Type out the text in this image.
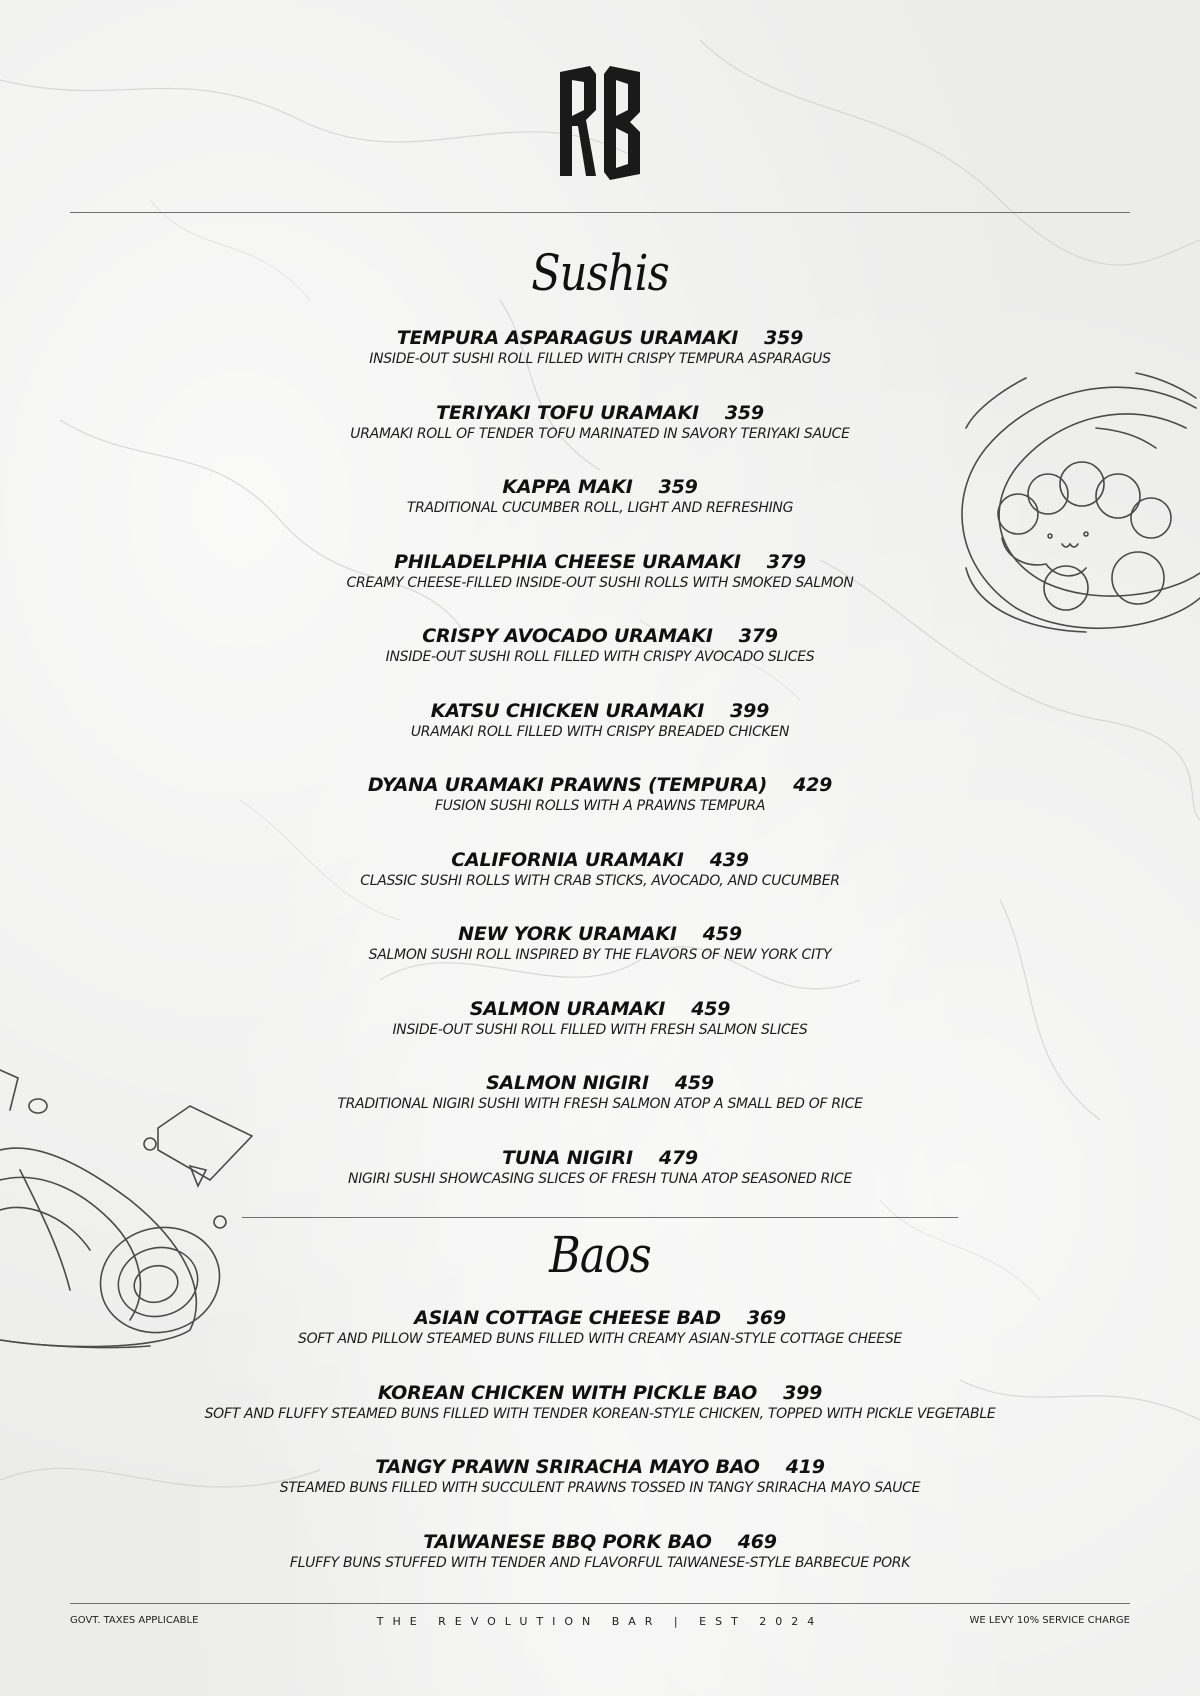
Sushis
TEMPURA ASPARAGUS URAMAKI 359
INSIDE-OUT SUSHI ROLL FILLED WITH CRISPY TEMPURA ASPARAGUS
TERIYAKI TOFU URAMAKI 359
URAMAKI ROLL OF TENDER TOFU MARINATED IN SAVORY TERIYAKI SAUCE
KAPPA MAKI 359
TRADITIONAL CUCUMBER ROLL, LIGHT AND REFRESHING
PHILADELPHIA CHEESE URAMAKI 379
CREAMY CHEESE-FILLED INSIDE-OUT SUSHI ROLLS WITH SMOKED SALMON
CRISPY AVOCADO URAMAKI 379
INSIDE-OUT SUSHI ROLL FILLED WITH CRISPY AVOCADO SLICES
KATSU CHICKEN URAMAKI 399
URAMAKI ROLL FILLED WITH CRISPY BREADED CHICKEN
DYANA URAMAKI PRAWNS (TEMPURA) 429
FUSION SUSHI ROLLS WITH A PRAWNS TEMPURA
CALIFORNIA URAMAKI 439
CLASSIC SUSHI ROLLS WITH CRAB STICKS, AVOCADO, AND CUCUMBER
NEW YORK URAMAKI 459
SALMON SUSHI ROLL INSPIRED BY THE FLAVORS OF NEW YORK CITY
SALMON URAMAKI 459
INSIDE-OUT SUSHI ROLL FILLED WITH FRESH SALMON SLICES
SALMON NIGIRI 459
TRADITIONAL NIGIRI SUSHI WITH FRESH SALMON ATOP A SMALL BED OF RICE
TUNA NIGIRI 479
NIGIRI SUSHI SHOWCASING SLICES OF FRESH TUNA ATOP SEASONED RICE
Baos
ASIAN COTTAGE CHEESE BAD 369
SOFT AND PILLOW STEAMED BUNS FILLED WITH CREAMY ASIAN-STYLE COTTAGE CHEESE
KOREAN CHICKEN WITH PICKLE BAO 399
SOFT AND FLUFFY STEAMED BUNS FILLED WITH TENDER KOREAN-STYLE CHICKEN, TOPPED WITH PICKLE VEGETABLE
TANGY PRAWN SRIRACHA MAYO BAO 419
STEAMED BUNS FILLED WITH SUCCULENT PRAWNS TOSSED IN TANGY SRIRACHA MAYO SAUCE
TAIWANESE BBQ PORK BAO 469
FLUFFY BUNS STUFFED WITH TENDER AND FLAVORFUL TAIWANESE-STYLE BARBECUE PORK
GOVT. TAXES APPLICABLE	THE REVOLUTION BAR | EST 2024	WE LEVY 10% SERVICE CHARGE
